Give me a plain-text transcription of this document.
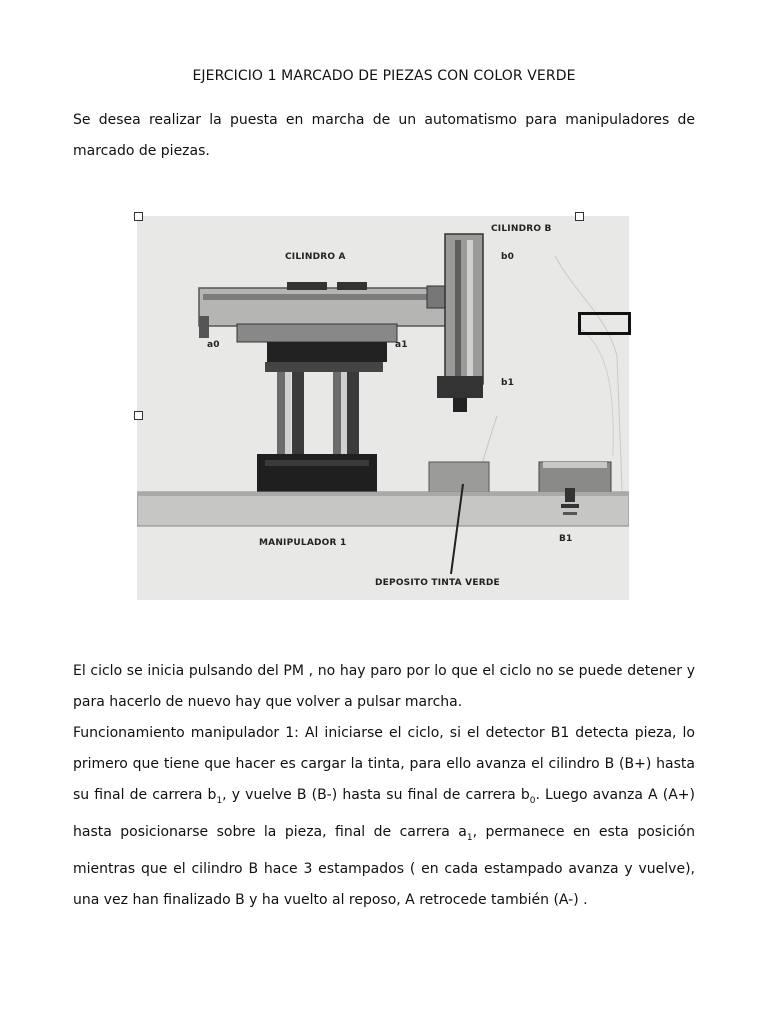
EJERCICIO 1 MARCADO DE PIEZAS CON COLOR VERDE

Se desea realizar la puesta en marcha de un automatismo para manipuladores de marcado de piezas.

CILINDRO A
CILINDRO B
b0
b1
a0	a1
MANIPULADOR 1
DEPOSITO TINTA VERDE
B1

El ciclo se inicia pulsando del PM , no hay paro por lo que el ciclo no se puede detener y para hacerlo de nuevo hay que volver a pulsar marcha.

Funcionamiento manipulador 1: Al iniciarse el ciclo, si el detector B1 detecta pieza, lo primero que tiene que hacer es cargar la tinta, para ello avanza el cilindro B (B+) hasta su final de carrera $b_1$, y vuelve B (B-) hasta su final de carrera $b_0$. Luego avanza A (A+) hasta posicionarse sobre la pieza, final de carrera $a_1$, permanece en esta posición mientras que el cilindro B hace 3 estampados ( en cada estampado avanza y vuelve), una vez han finalizado B y ha vuelto al reposo, A retrocede también (A-) .
